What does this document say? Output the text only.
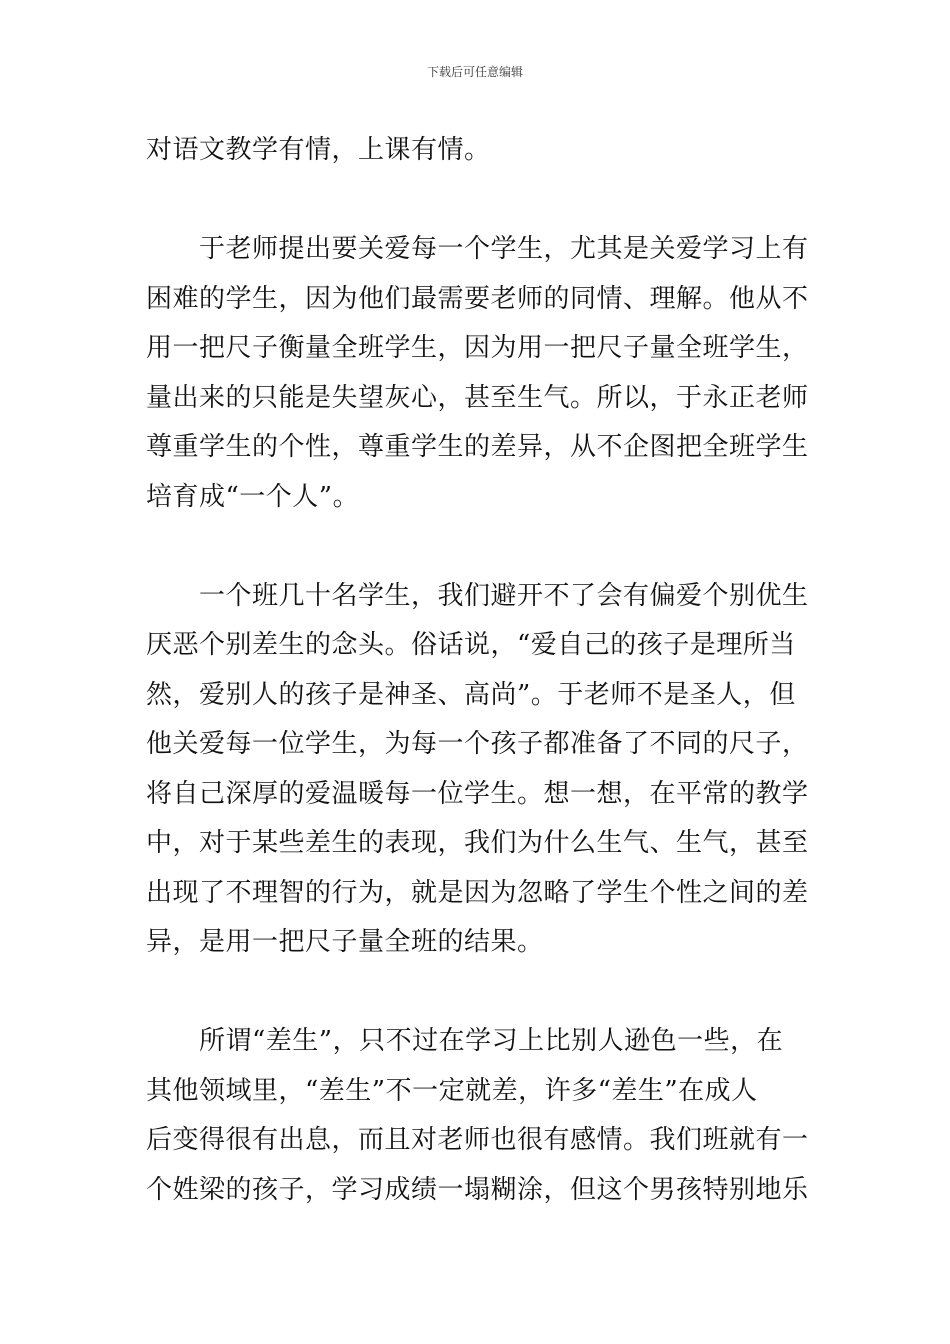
下载后可任意编辑
对语文教学有情，上课有情。
于老师提出要关爱每一个学生，尤其是关爱学习上有
困难的学生，因为他们最需要老师的同情、理解。他从不
用一把尺子衡量全班学生，因为用一把尺子量全班学生，
量出来的只能是失望灰心，甚至生气。所以，于永正老师
尊重学生的个性，尊重学生的差异，从不企图把全班学生
培育成“一个人”。
一个班几十名学生，我们避开不了会有偏爱个别优生
厌恶个别差生的念头。俗话说，“爱自己的孩子是理所当
然，爱别人的孩子是神圣、高尚”。于老师不是圣人，但
他关爱每一位学生，为每一个孩子都准备了不同的尺子，
将自己深厚的爱温暖每一位学生。想一想，在平常的教学
中，对于某些差生的表现，我们为什么生气、生气，甚至
出现了不理智的行为，就是因为忽略了学生个性之间的差
异，是用一把尺子量全班的结果。
所谓“差生”，只不过在学习上比别人逊色一些，在
其他领域里，“差生”不一定就差，许多“差生”在成人
后变得很有出息，而且对老师也很有感情。我们班就有一
个姓梁的孩子，学习成绩一塌糊涂，但这个男孩特别地乐
